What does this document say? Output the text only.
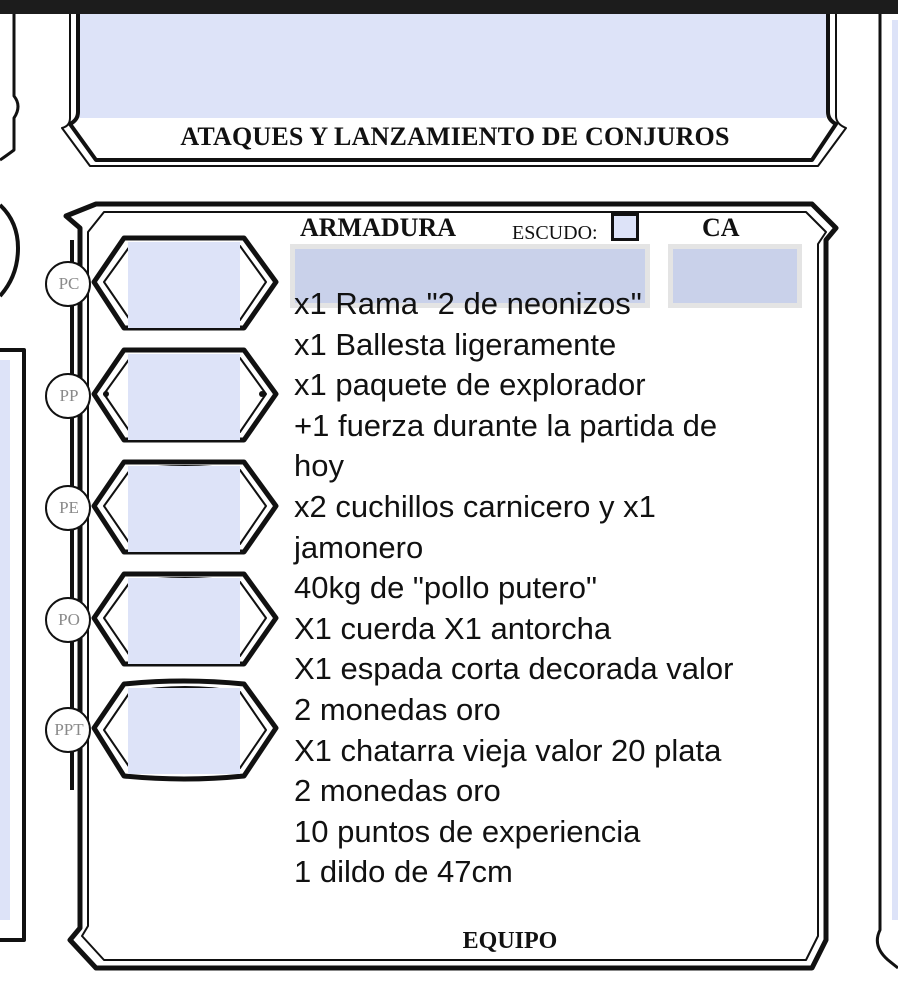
ATAQUES Y LANZAMIENTO DE CONJUROS
ARMADURA	ESCUDO:	CA
PC
PP
PE
PO
PPT
x1 Rama "2 de neonizos"
x1 Ballesta ligeramente
x1 paquete de explorador
+1 fuerza durante la partida de
hoy
x2 cuchillos carnicero y x1
jamonero
40kg de "pollo putero"
X1 cuerda X1 antorcha
X1 espada corta decorada valor
2 monedas oro
X1 chatarra vieja valor 20 plata
2 monedas oro
10 puntos de experiencia
1 dildo de 47cm
EQUIPO
